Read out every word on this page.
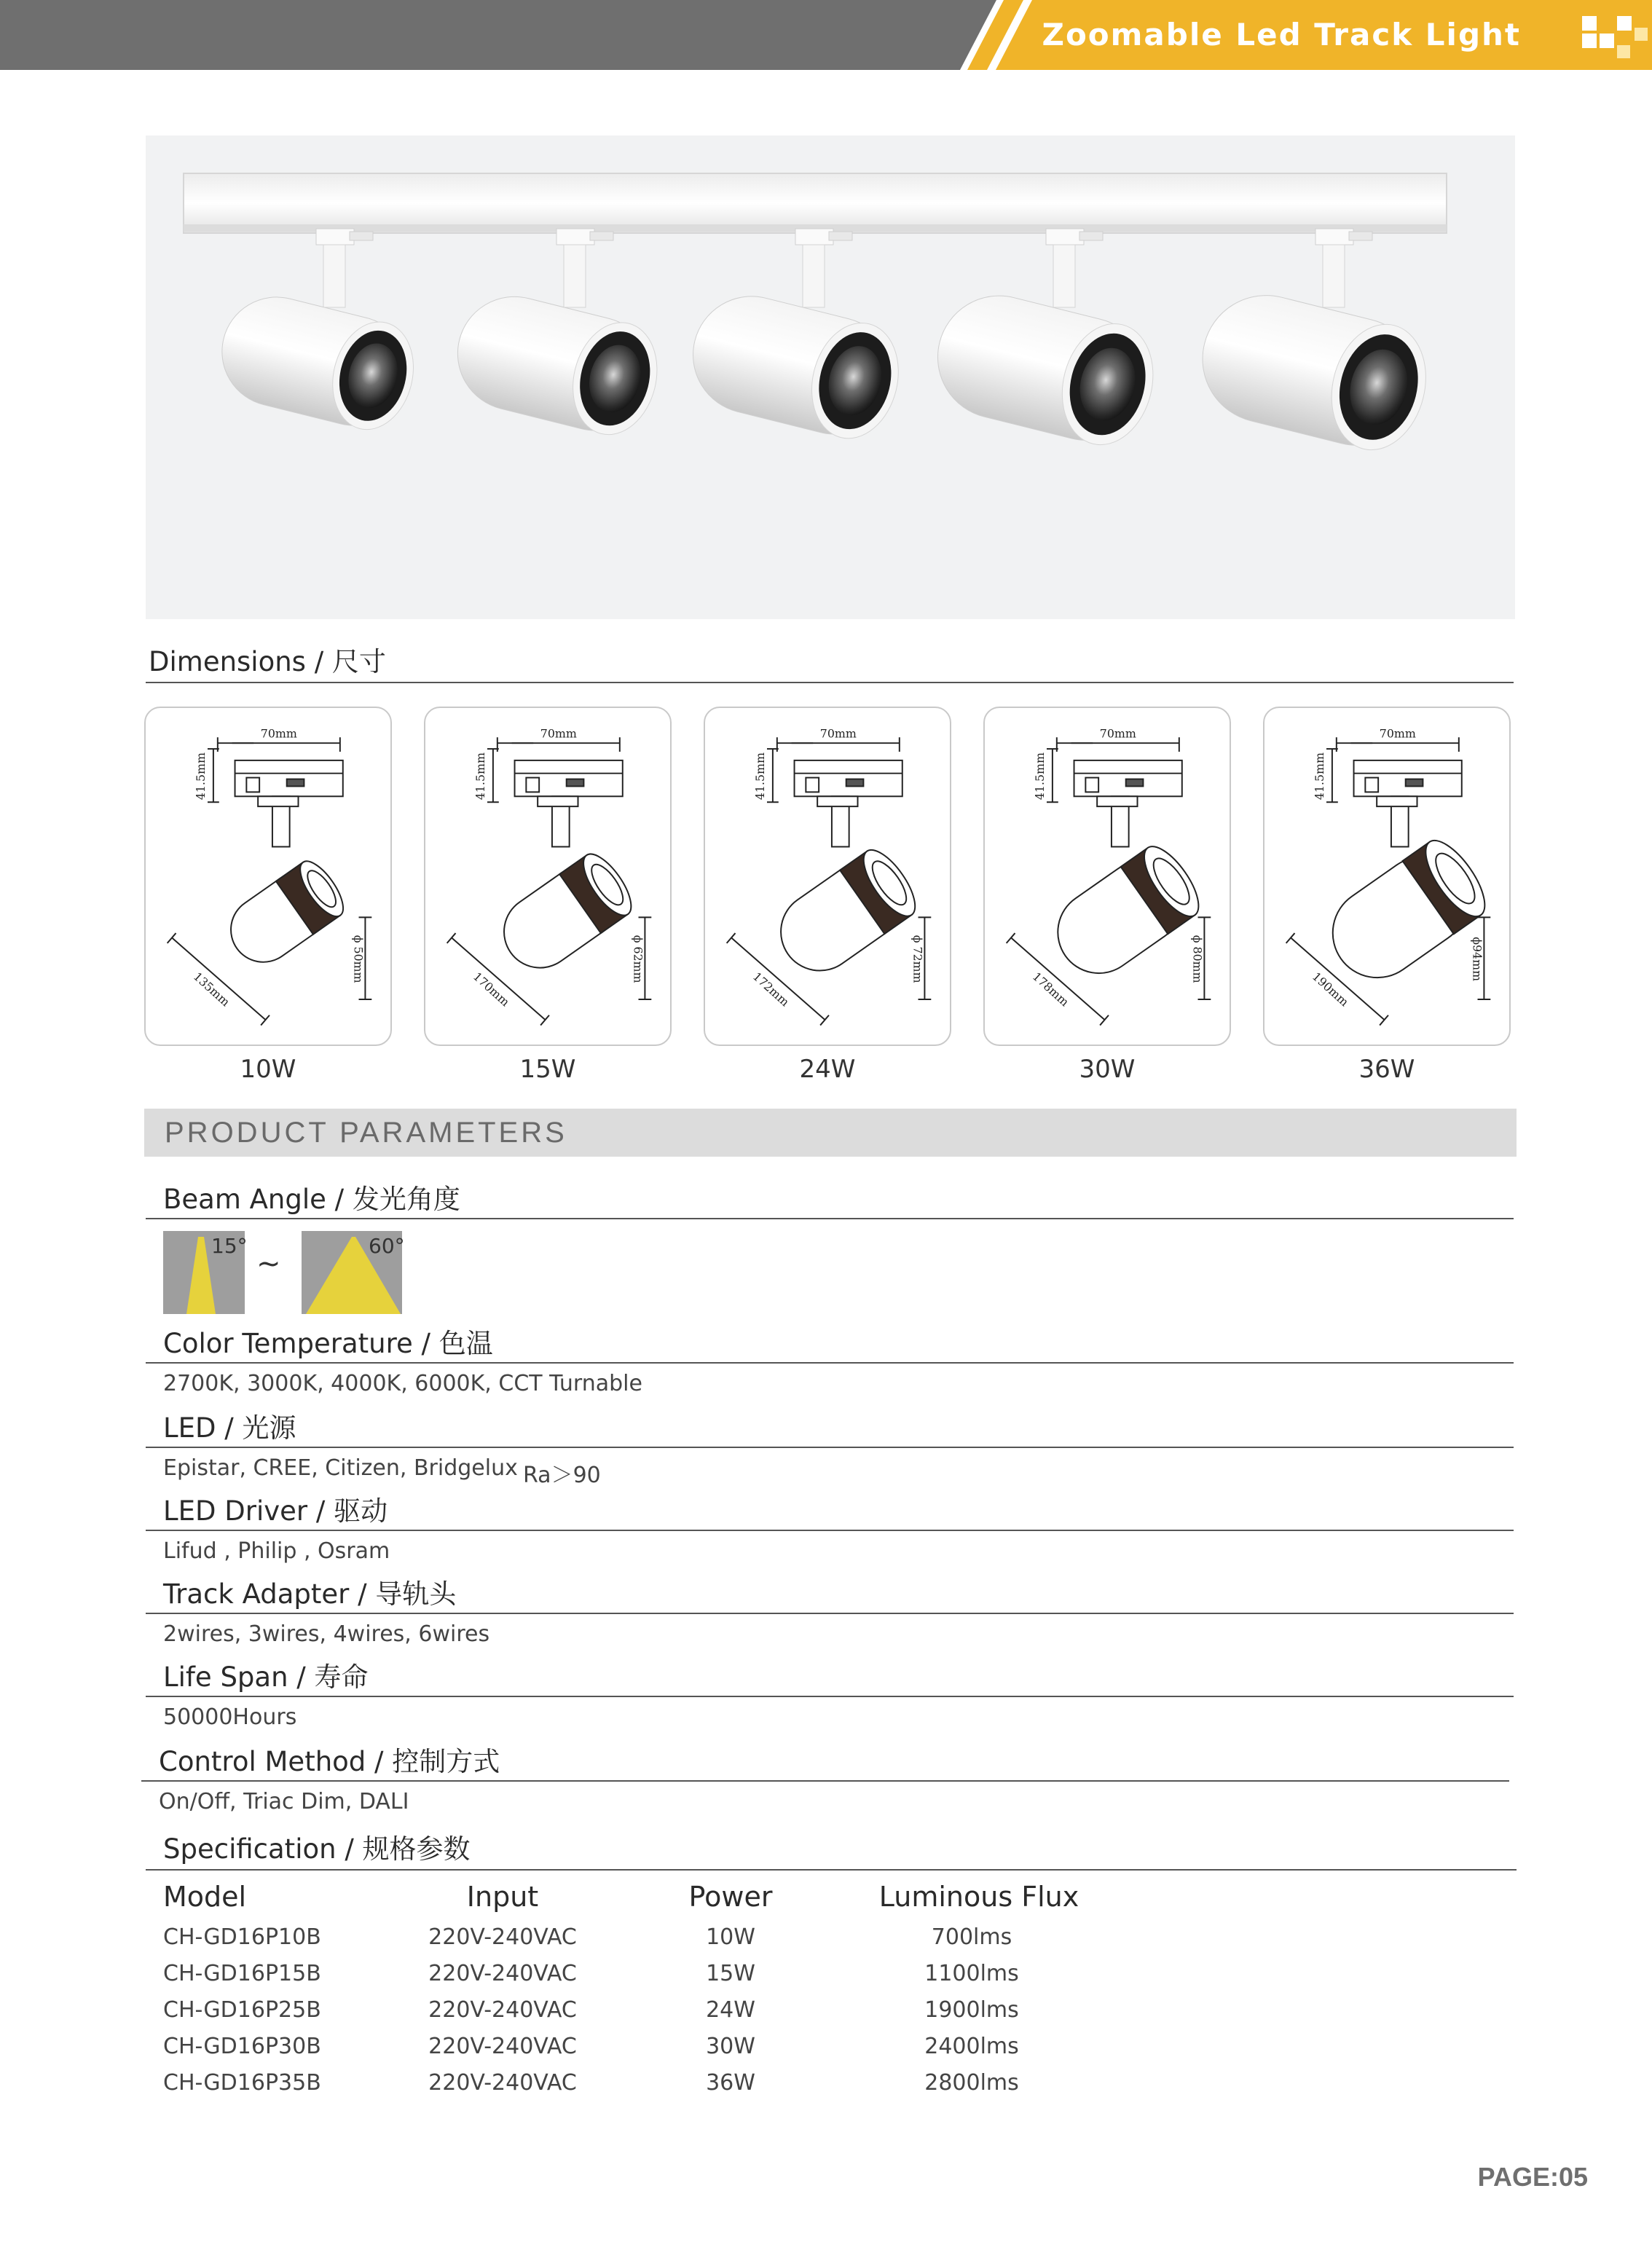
Zoomable Led Track Light
Dimensions / 尺寸
70mm
41.5mm
ϕ 50mm
135mm
10W
70mm
41.5mm
ϕ 62mm
170mm
15W
70mm
41.5mm
ϕ 72mm
172mm
24W
70mm
41.5mm
ϕ 80mm
178mm
30W
70mm
41.5mm
ϕ94mm
190mm
36W
PRODUCT PARAMETERS
Beam Angle / 发光角度
15°
~
60°
Color Temperature / 色温
2700K, 3000K, 4000K, 6000K, CCT Turnable
LED / 光源
Epistar, CREE, Citizen, Bridgelux Ra＞90
LED Driver / 驱动
Lifud , Philip , Osram
Track Adapter / 导轨头
2wires, 3wires, 4wires, 6wires
Life Span / 寿命
50000Hours
Control Method / 控制方式
On/Off, Triac Dim, DALI
Specification / 规格参数
Model	Input	Power	Luminous Flux
CH-GD16P10B	220V-240VAC	10W	700lms
CH-GD16P15B	220V-240VAC	15W	1100lms
CH-GD16P25B	220V-240VAC	24W	1900lms
CH-GD16P30B	220V-240VAC	30W	2400lms
CH-GD16P35B	220V-240VAC	36W	2800lms
PAGE:05
